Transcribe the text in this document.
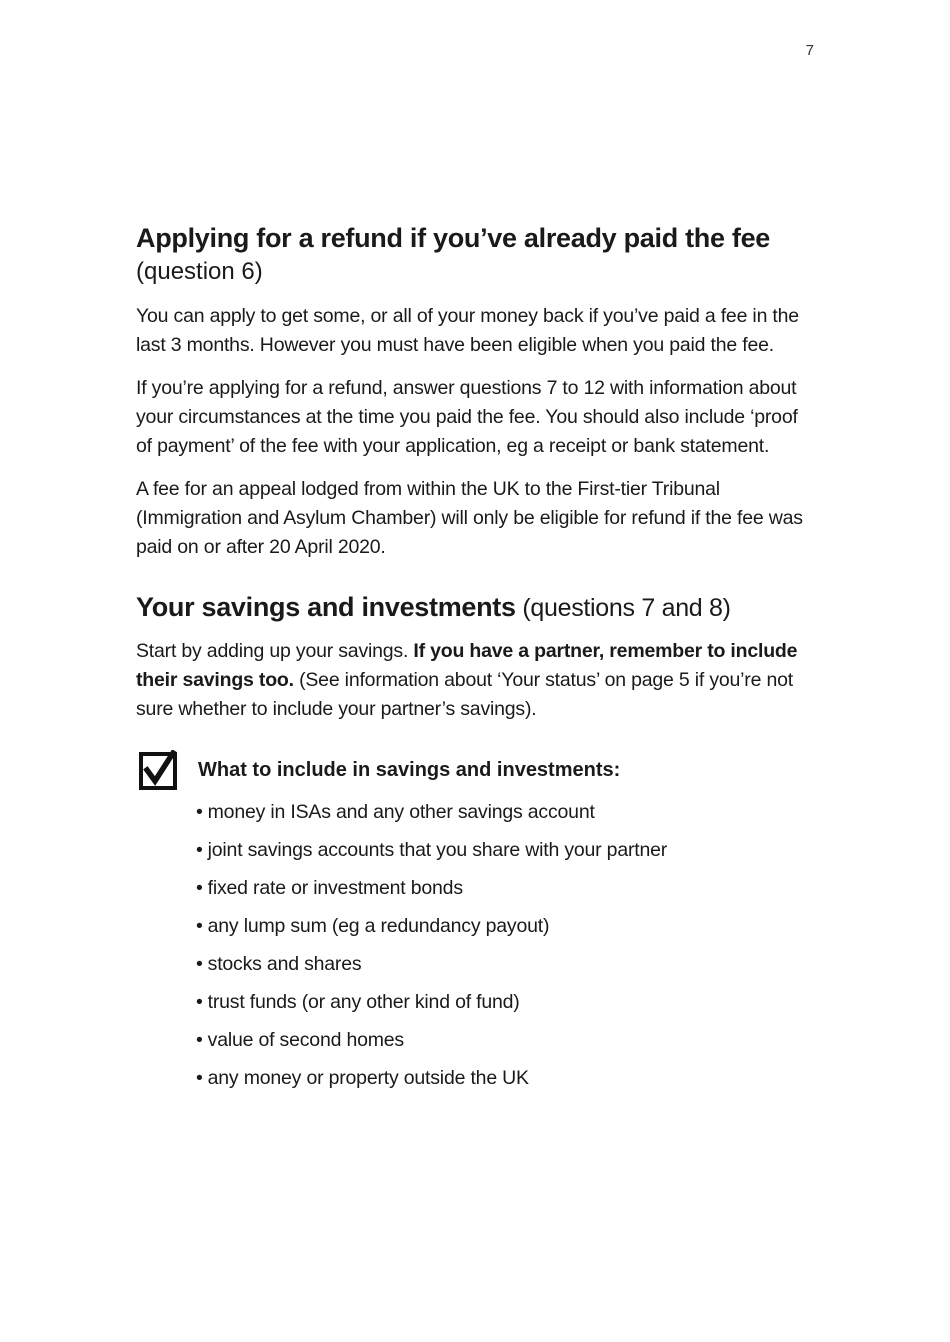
7
Applying for a refund if you’ve already paid the fee
(question 6)

You can apply to get some, or all of your money back if you’ve paid a fee in the last 3 months. However you must have been eligible when you paid the fee.

If you’re applying for a refund, answer questions 7 to 12 with information about your circumstances at the time you paid the fee. You should also include ‘proof of payment’ of the fee with your application, eg a receipt or bank statement.

A fee for an appeal lodged from within the UK to the First-tier Tribunal (Immigration and Asylum Chamber) will only be eligible for refund if the fee was paid on or after 20 April 2020.

Your savings and investments (questions 7 and 8)

Start by adding up your savings. If you have a partner, remember to include their savings too. (See information about ‘Your status’ on page 5 if you’re not sure whether to include your partner’s savings).

What to include in savings and investments:
• money in ISAs and any other savings account
• joint savings accounts that you share with your partner
• fixed rate or investment bonds
• any lump sum (eg a redundancy payout)
• stocks and shares
• trust funds (or any other kind of fund)
• value of second homes
• any money or property outside the UK
